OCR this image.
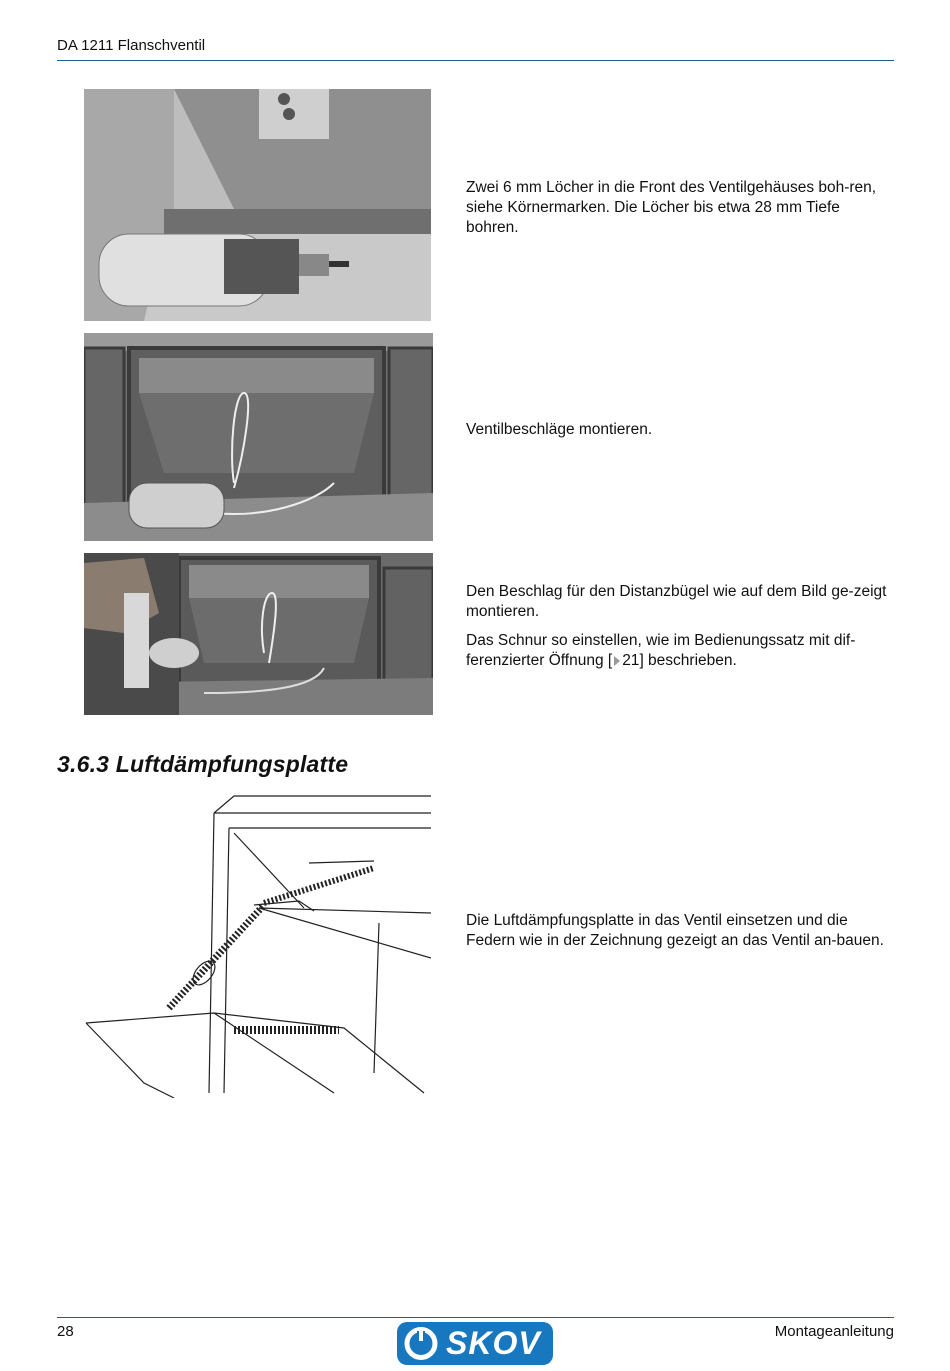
DA 1211 Flanschventil

Zwei 6 mm Löcher in die Front des Ventilgehäuses boh-ren, siehe Körnermarken. Die Löcher bis etwa 28 mm Tiefe bohren.

Ventilbeschläge montieren.

Den Beschlag für den Distanzbügel wie auf dem Bild ge-zeigt montieren.

Das Schnur so einstellen, wie im Bedienungssatz mit dif-ferenzierter Öffnung [ 21] beschrieben.

3.6.3 Luftdämpfungsplatte

Die Luftdämpfungsplatte in das Ventil einsetzen und die Federn wie in der Zeichnung gezeigt an das Ventil an-bauen.

28	SKOV	Montageanleitung
